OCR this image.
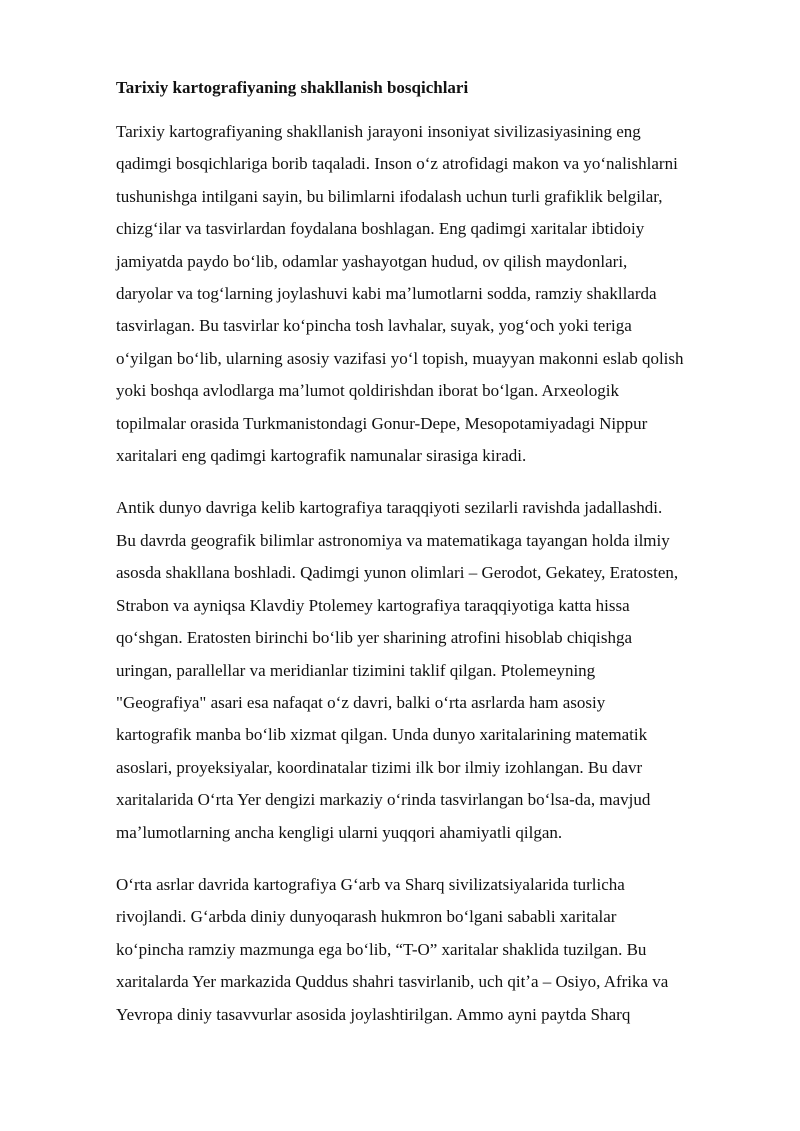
Tarixiy kartografiyaning shakllanish bosqichlari
Tarixiy kartografiyaning shakllanish jarayoni insoniyat sivilizasiyasining eng
qadimgi bosqichlariga borib taqaladi. Inson oʻz atrofidagi makon va yoʻnalishlarni
tushunishga intilgani sayin, bu bilimlarni ifodalash uchun turli grafiklik belgilar,
chizgʻilar va tasvirlardan foydalana boshlagan. Eng qadimgi xaritalar ibtidoiy
jamiyatda paydo boʻlib, odamlar yashayotgan hudud, ov qilish maydonlari,
daryolar va togʻlarning joylashuvi kabi maʼlumotlarni sodda, ramziy shakllarda
tasvirlagan. Bu tasvirlar koʻpincha tosh lavhalar, suyak, yogʻoch yoki teriga
oʻyilgan boʻlib, ularning asosiy vazifasi yoʻl topish, muayyan makonni eslab qolish
yoki boshqa avlodlarga maʼlumot qoldirishdan iborat boʻlgan. Arxeologik
topilmalar orasida Turkmanistondagi Gonur-Depe, Mesopotamiyadagi Nippur
xaritalari eng qadimgi kartografik namunalar sirasiga kiradi.
Antik dunyo davriga kelib kartografiya taraqqiyoti sezilarli ravishda jadallashdi.
Bu davrda geografik bilimlar astronomiya va matematikaga tayangan holda ilmiy
asosda shakllana boshladi. Qadimgi yunon olimlari – Gerodot, Gekatey, Eratosten,
Strabon va ayniqsa Klavdiy Ptolemey kartografiya taraqqiyotiga katta hissa
qoʻshgan. Eratosten birinchi boʻlib yer sharining atrofini hisoblab chiqishga
uringan, parallellar va meridianlar tizimini taklif qilgan. Ptolemeyning
"Geografiya" asari esa nafaqat oʻz davri, balki oʻrta asrlarda ham asosiy
kartografik manba boʻlib xizmat qilgan. Unda dunyo xaritalarining matematik
asoslari, proyeksiyalar, koordinatalar tizimi ilk bor ilmiy izohlangan. Bu davr
xaritalarida Oʻrta Yer dengizi markaziy oʻrinda tasvirlangan boʻlsa-da, mavjud
maʼlumotlarning ancha kengligi ularni yuqqori ahamiyatli qilgan.
Oʻrta asrlar davrida kartografiya Gʻarb va Sharq sivilizatsiyalarida turlicha
rivojlandi. Gʻarbda diniy dunyoqarash hukmron boʻlgani sababli xaritalar
koʻpincha ramziy mazmunga ega boʻlib, “T-O” xaritalar shaklida tuzilgan. Bu
xaritalarda Yer markazida Quddus shahri tasvirlanib, uch qitʼa – Osiyo, Afrika va
Yevropa diniy tasavvurlar asosida joylashtirilgan. Ammo ayni paytda Sharq
